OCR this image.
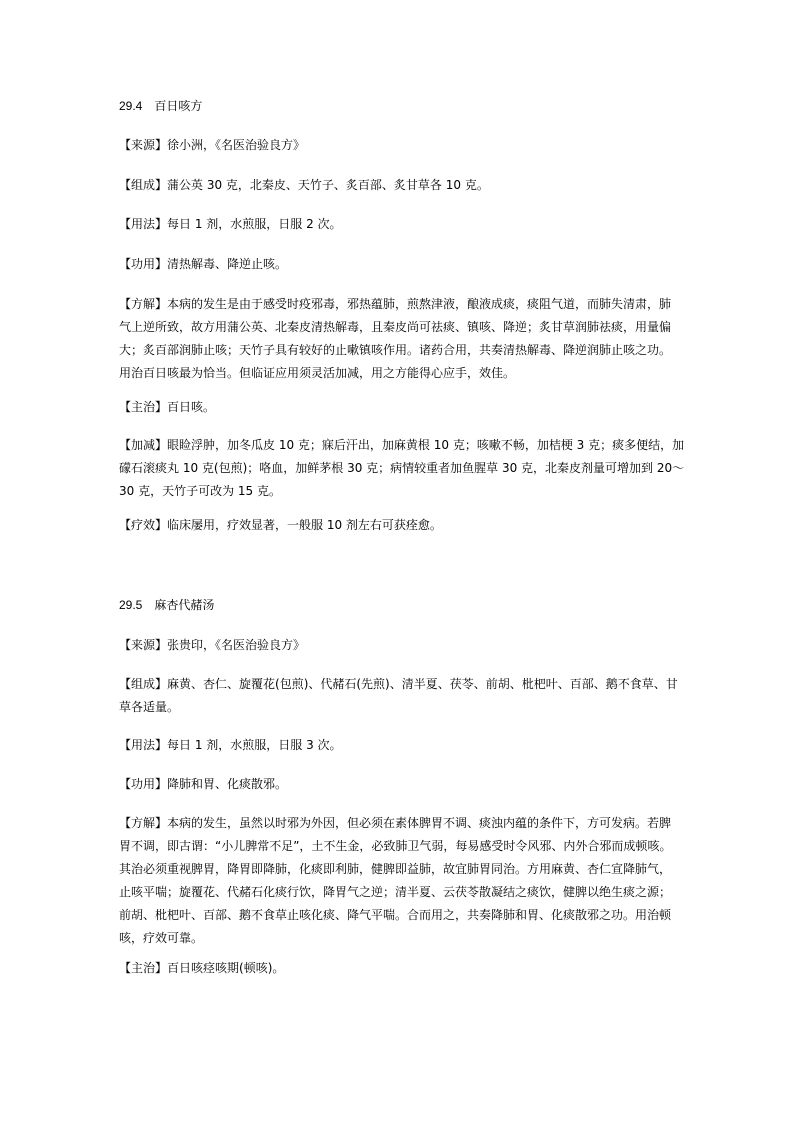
29.4 百日咳方

【来源】徐小洲，《名医治验良方》

【组成】蒲公英 30 克，北秦皮、天竹子、炙百部、炙甘草各 10 克。

【用法】每日 1 剂，水煎服，日服 2 次。

【功用】清热解毒、降逆止咳。

【方解】本病的发生是由于感受时疫邪毒，邪热蕴肺，煎熬津液，酿液成痰，痰阻气道，而肺失清肃，肺
气上逆所致，故方用蒲公英、北秦皮清热解毒，且秦皮尚可祛痰、镇咳、降逆；炙甘草润肺祛痰，用量偏
大；炙百部润肺止咳；天竹子具有较好的止嗽镇咳作用。诸药合用，共奏清热解毒、降逆润肺止咳之功。
用治百日咳最为恰当。但临证应用须灵活加减，用之方能得心应手，效佳。

【主治】百日咳。

【加减】眼睑浮肿，加冬瓜皮 10 克；寐后汗出，加麻黄根 10 克；咳嗽不畅，加桔梗 3 克；痰多便结，加
礞石滚痰丸 10 克(包煎)；咯血，加鲜茅根 30 克；病情较重者加鱼腥草 30 克，北秦皮剂量可增加到 20～
30 克，天竹子可改为 15 克。

【疗效】临床屡用，疗效显著，一般服 10 剂左右可获痊愈。

29.5 麻杏代赭汤

【来源】张贵印，《名医治验良方》

【组成】麻黄、杏仁、旋覆花(包煎)、代赭石(先煎)、清半夏、茯苓、前胡、枇杷叶、百部、鹅不食草、甘
草各适量。

【用法】每日 1 剂，水煎服，日服 3 次。

【功用】降肺和胃、化痰散邪。

【方解】本病的发生，虽然以时邪为外因，但必须在素体脾胃不调、痰浊内蕴的条件下，方可发病。若脾
胃不调，即古谓：“小儿脾常不足”，土不生金，必致肺卫气弱，每易感受时令风邪、内外合邪而成顿咳。
其治必须重视脾胃，降胃即降肺，化痰即利肺，健脾即益肺，故宜肺胃同治。方用麻黄、杏仁宣降肺气，
止咳平喘；旋覆花、代赭石化痰行饮，降胃气之逆；清半夏、云茯苓散凝结之痰饮，健脾以绝生痰之源；
前胡、枇杷叶、百部、鹅不食草止咳化痰、降气平喘。合而用之，共奏降肺和胃、化痰散邪之功。用治顿
咳，疗效可靠。

【主治】百日咳痉咳期(顿咳)。
